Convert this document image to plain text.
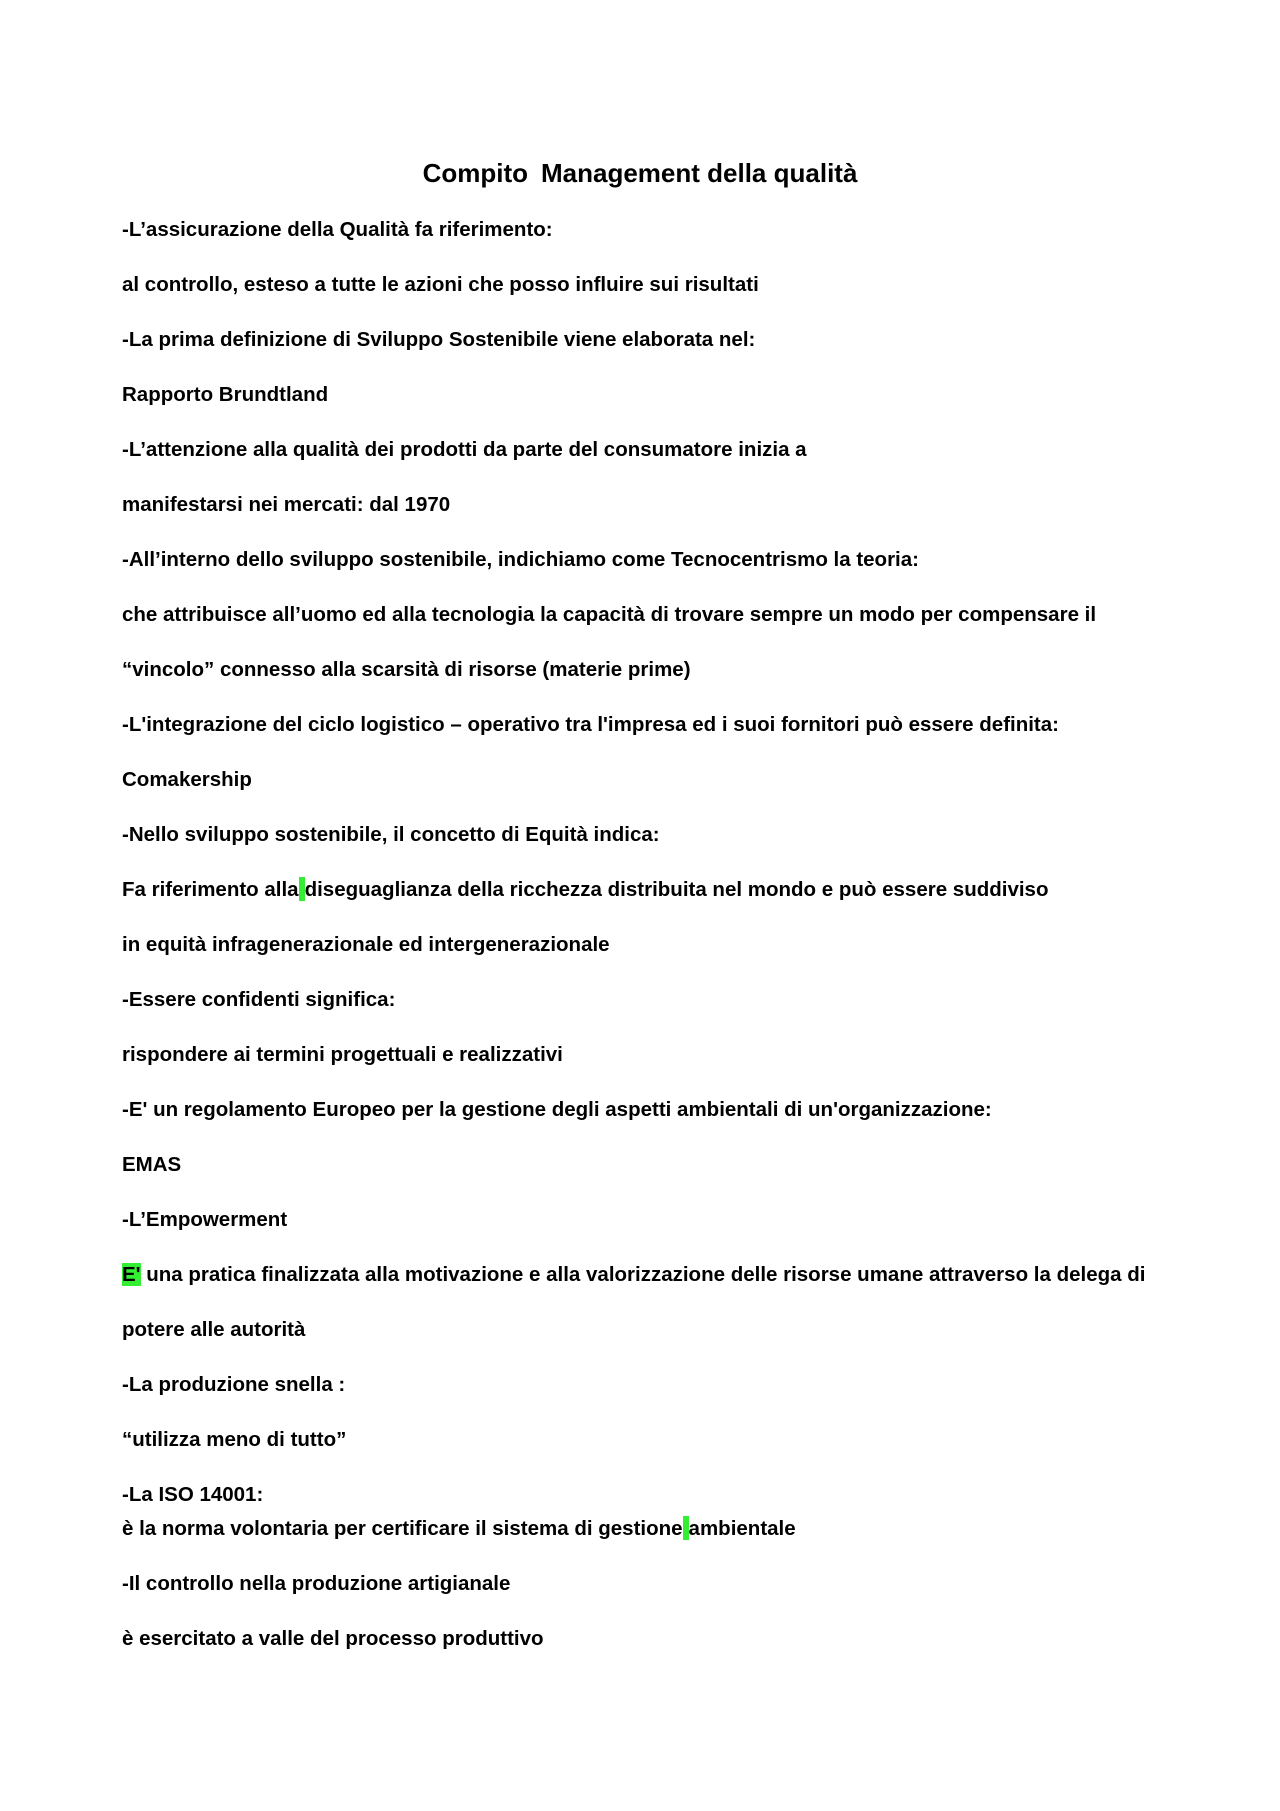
Compito Management della qualità
-L’assicurazione della Qualità fa riferimento:
al controllo, esteso a tutte le azioni che posso influire sui risultati
-La prima definizione di Sviluppo Sostenibile viene elaborata nel:
Rapporto Brundtland
-L’attenzione alla qualità dei prodotti da parte del consumatore inizia a
manifestarsi nei mercati: dal 1970
-All’interno dello sviluppo sostenibile, indichiamo come Tecnocentrismo la teoria:
che attribuisce all’uomo ed alla tecnologia la capacità di trovare sempre un modo per compensare il
“vincolo” connesso alla scarsità di risorse (materie prime)
-L'integrazione del ciclo logistico – operativo tra l'impresa ed i suoi fornitori può essere definita:
Comakership
-Nello sviluppo sostenibile, il concetto di Equità indica:
Fa riferimento alla diseguaglianza della ricchezza distribuita nel mondo e può essere suddiviso
in equità infragenerazionale ed intergenerazionale
-Essere confidenti significa:
rispondere ai termini progettuali e realizzativi
-E' un regolamento Europeo per la gestione degli aspetti ambientali di un'organizzazione:
EMAS
-L’Empowerment
E' una pratica finalizzata alla motivazione e alla valorizzazione delle risorse umane attraverso la delega di
potere alle autorità
-La produzione snella :
“utilizza meno di tutto”
-La ISO 14001:
è la norma volontaria per certificare il sistema di gestione ambientale
-Il controllo nella produzione artigianale
è esercitato a valle del processo produttivo
